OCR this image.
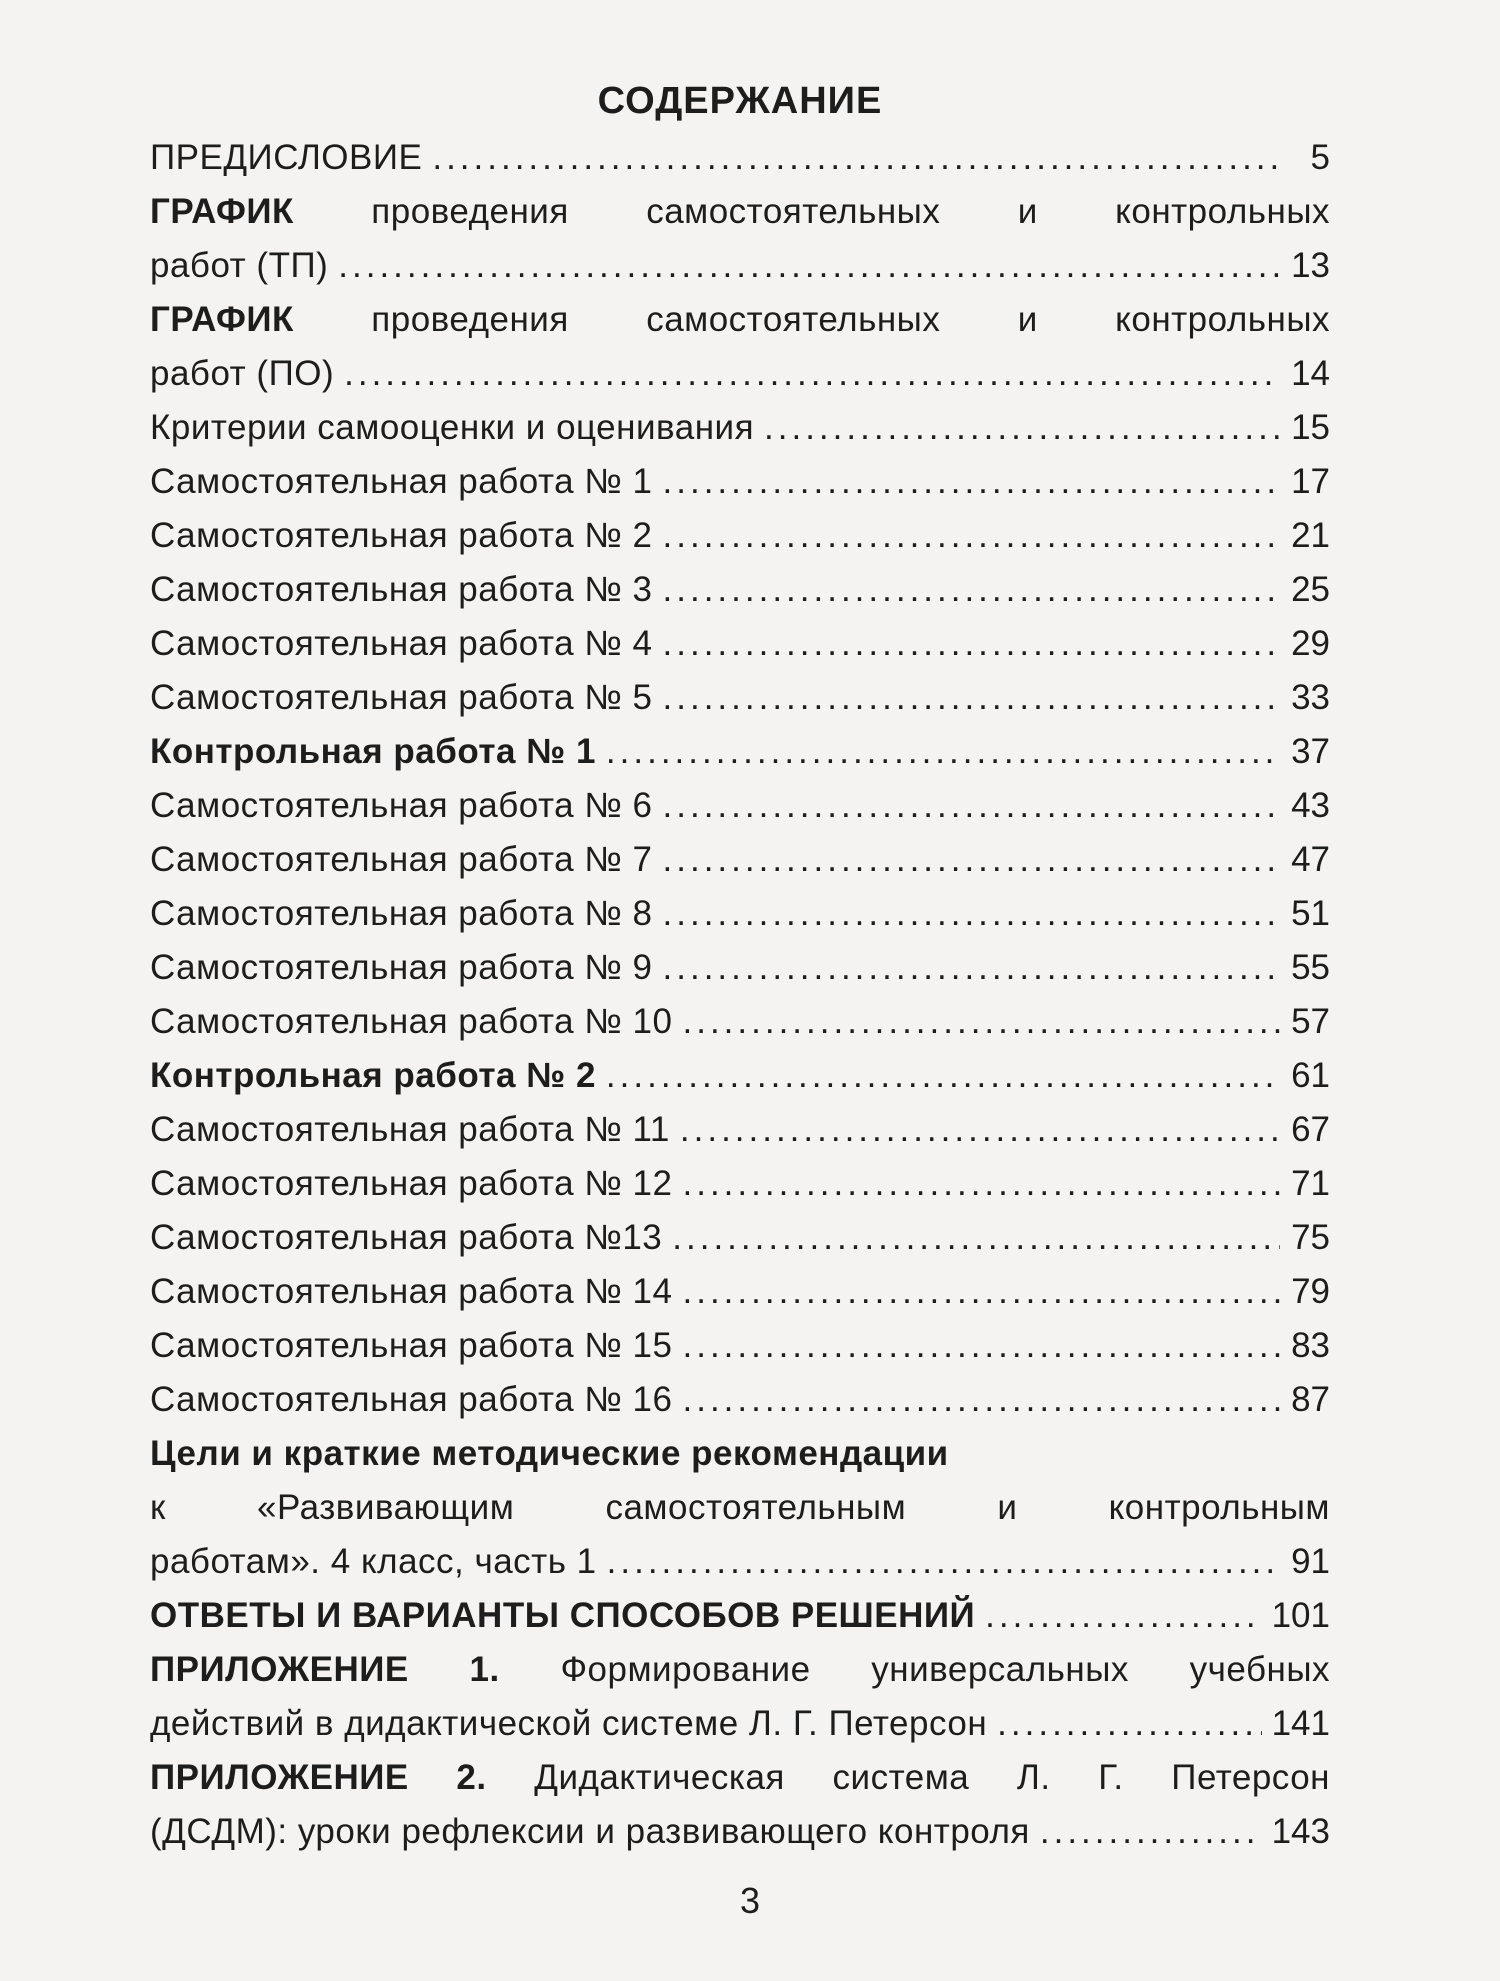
СОДЕРЖАНИЕ
ПРЕДИСЛОВИЕ .....	5
ГРАФИК проведения самостоятельных и контрольных
работ (ТП) .....	13
ГРАФИК проведения самостоятельных и контрольных
работ (ПО) .....	14
Критерии самооценки и оценивания .....	15
Самостоятельная работа № 1 .....	17
Самостоятельная работа № 2 .....	21
Самостоятельная работа № 3 .....	25
Самостоятельная работа № 4 .....	29
Самостоятельная работа № 5 .....	33
Контрольная работа № 1 .....	37
Самостоятельная работа № 6 .....	43
Самостоятельная работа № 7 .....	47
Самостоятельная работа № 8 .....	51
Самостоятельная работа № 9 .....	55
Самостоятельная работа № 10 .....	57
Контрольная работа № 2 .....	61
Самостоятельная работа № 11 .....	67
Самостоятельная работа № 12 .....	71
Самостоятельная работа №13 .....	75
Самостоятельная работа № 14 .....	79
Самостоятельная работа № 15 .....	83
Самостоятельная работа № 16 .....	87
Цели и краткие методические рекомендации
к «Развивающим самостоятельным и контрольным
работам». 4 класс, часть 1 .....	91
ОТВЕТЫ И ВАРИАНТЫ СПОСОБОВ РЕШЕНИЙ .....	101
ПРИЛОЖЕНИЕ 1. Формирование универсальных учебных
действий в дидактической системе Л. Г. Петерсон .....	141
ПРИЛОЖЕНИЕ 2. Дидактическая система Л. Г. Петерсон
(ДСДМ): уроки рефлексии и развивающего контроля .....	143
3
